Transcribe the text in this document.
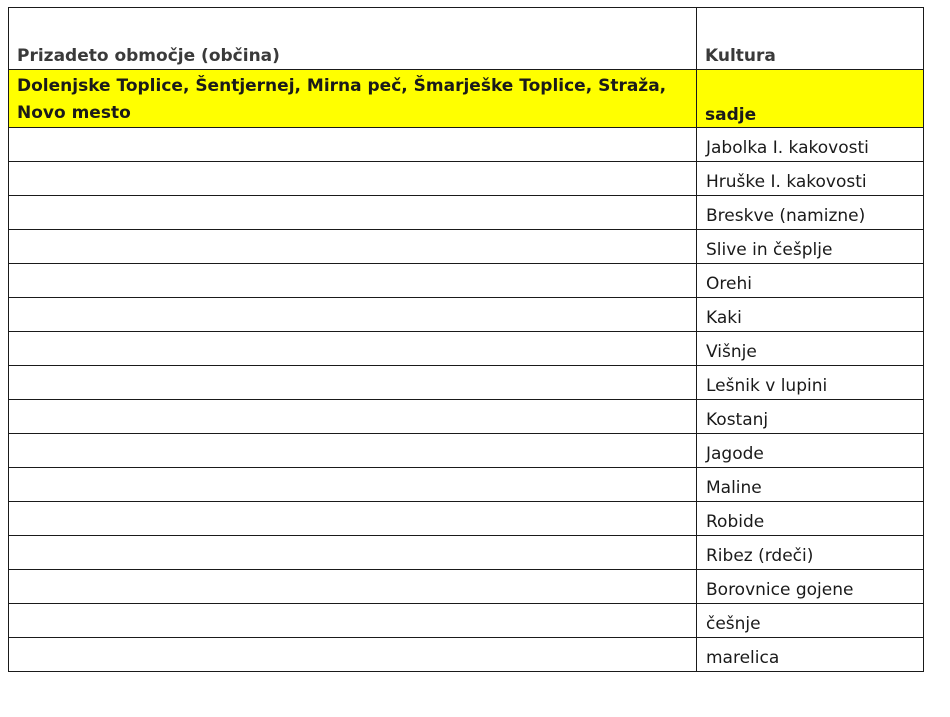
Prizadeto območje (občina)	Kultura
Dolenjske Toplice, Šentjernej, Mirna peč, Šmarješke Toplice, Straža, Novo mesto	sadje
	Jabolka I. kakovosti
	Hruške I. kakovosti
	Breskve (namizne)
	Slive in češplje
	Orehi
	Kaki
	Višnje
	Lešnik v lupini
	Kostanj
	Jagode
	Maline
	Robide
	Ribez (rdeči)
	Borovnice gojene
	češnje
	marelica
